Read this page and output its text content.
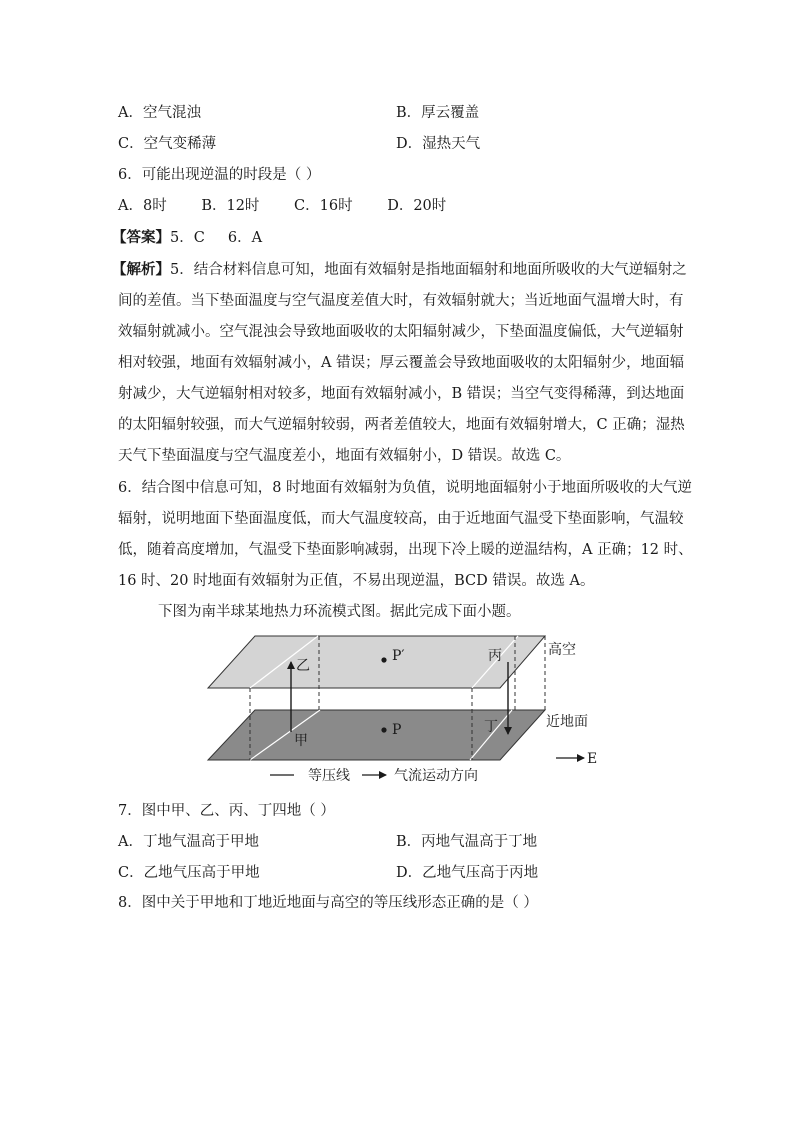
A．空气混浊	B．厚云覆盖
C．空气变稀薄	D．湿热天气
6．可能出现逆温的时段是（ ）
A．8时 B．12时 C．16时 D．20时
【答案】5．C     6．A
【解析】5．结合材料信息可知，地面有效辐射是指地面辐射和地面所吸收的大气逆辐射之
间的差值。当下垫面温度与空气温度差值大时，有效辐射就大；当近地面气温增大时，有
效辐射就减小。空气混浊会导致地面吸收的太阳辐射减少，下垫面温度偏低，大气逆辐射
相对较强，地面有效辐射减小，A 错误；厚云覆盖会导致地面吸收的太阳辐射少，地面辐
射减少，大气逆辐射相对较多，地面有效辐射减小，B 错误；当空气变得稀薄，到达地面
的太阳辐射较强，而大气逆辐射较弱，两者差值较大，地面有效辐射增大，C 正确；湿热
天气下垫面温度与空气温度差小，地面有效辐射小，D 错误。故选 C。
6．结合图中信息可知，8 时地面有效辐射为负值，说明地面辐射小于地面所吸收的大气逆
辐射，说明地面下垫面温度低，而大气温度较高，由于近地面气温受下垫面影响，气温较
低，随着高度增加，气温受下垫面影响减弱，出现下冷上暖的逆温结构，A 正确；12 时、
16 时、20 时地面有效辐射为正值，不易出现逆温，BCD 错误。故选 A。
下图为南半球某地热力环流模式图。据此完成下面小题。
P′
P
乙
丙
甲
丁
高空
近地面
E
等压线	气流运动方向
7．图中甲、乙、丙、丁四地（ ）
A．丁地气温高于甲地	B．丙地气温高于丁地
C．乙地气压高于甲地	D．乙地气压高于丙地
8．图中关于甲地和丁地近地面与高空的等压线形态正确的是（ ）
